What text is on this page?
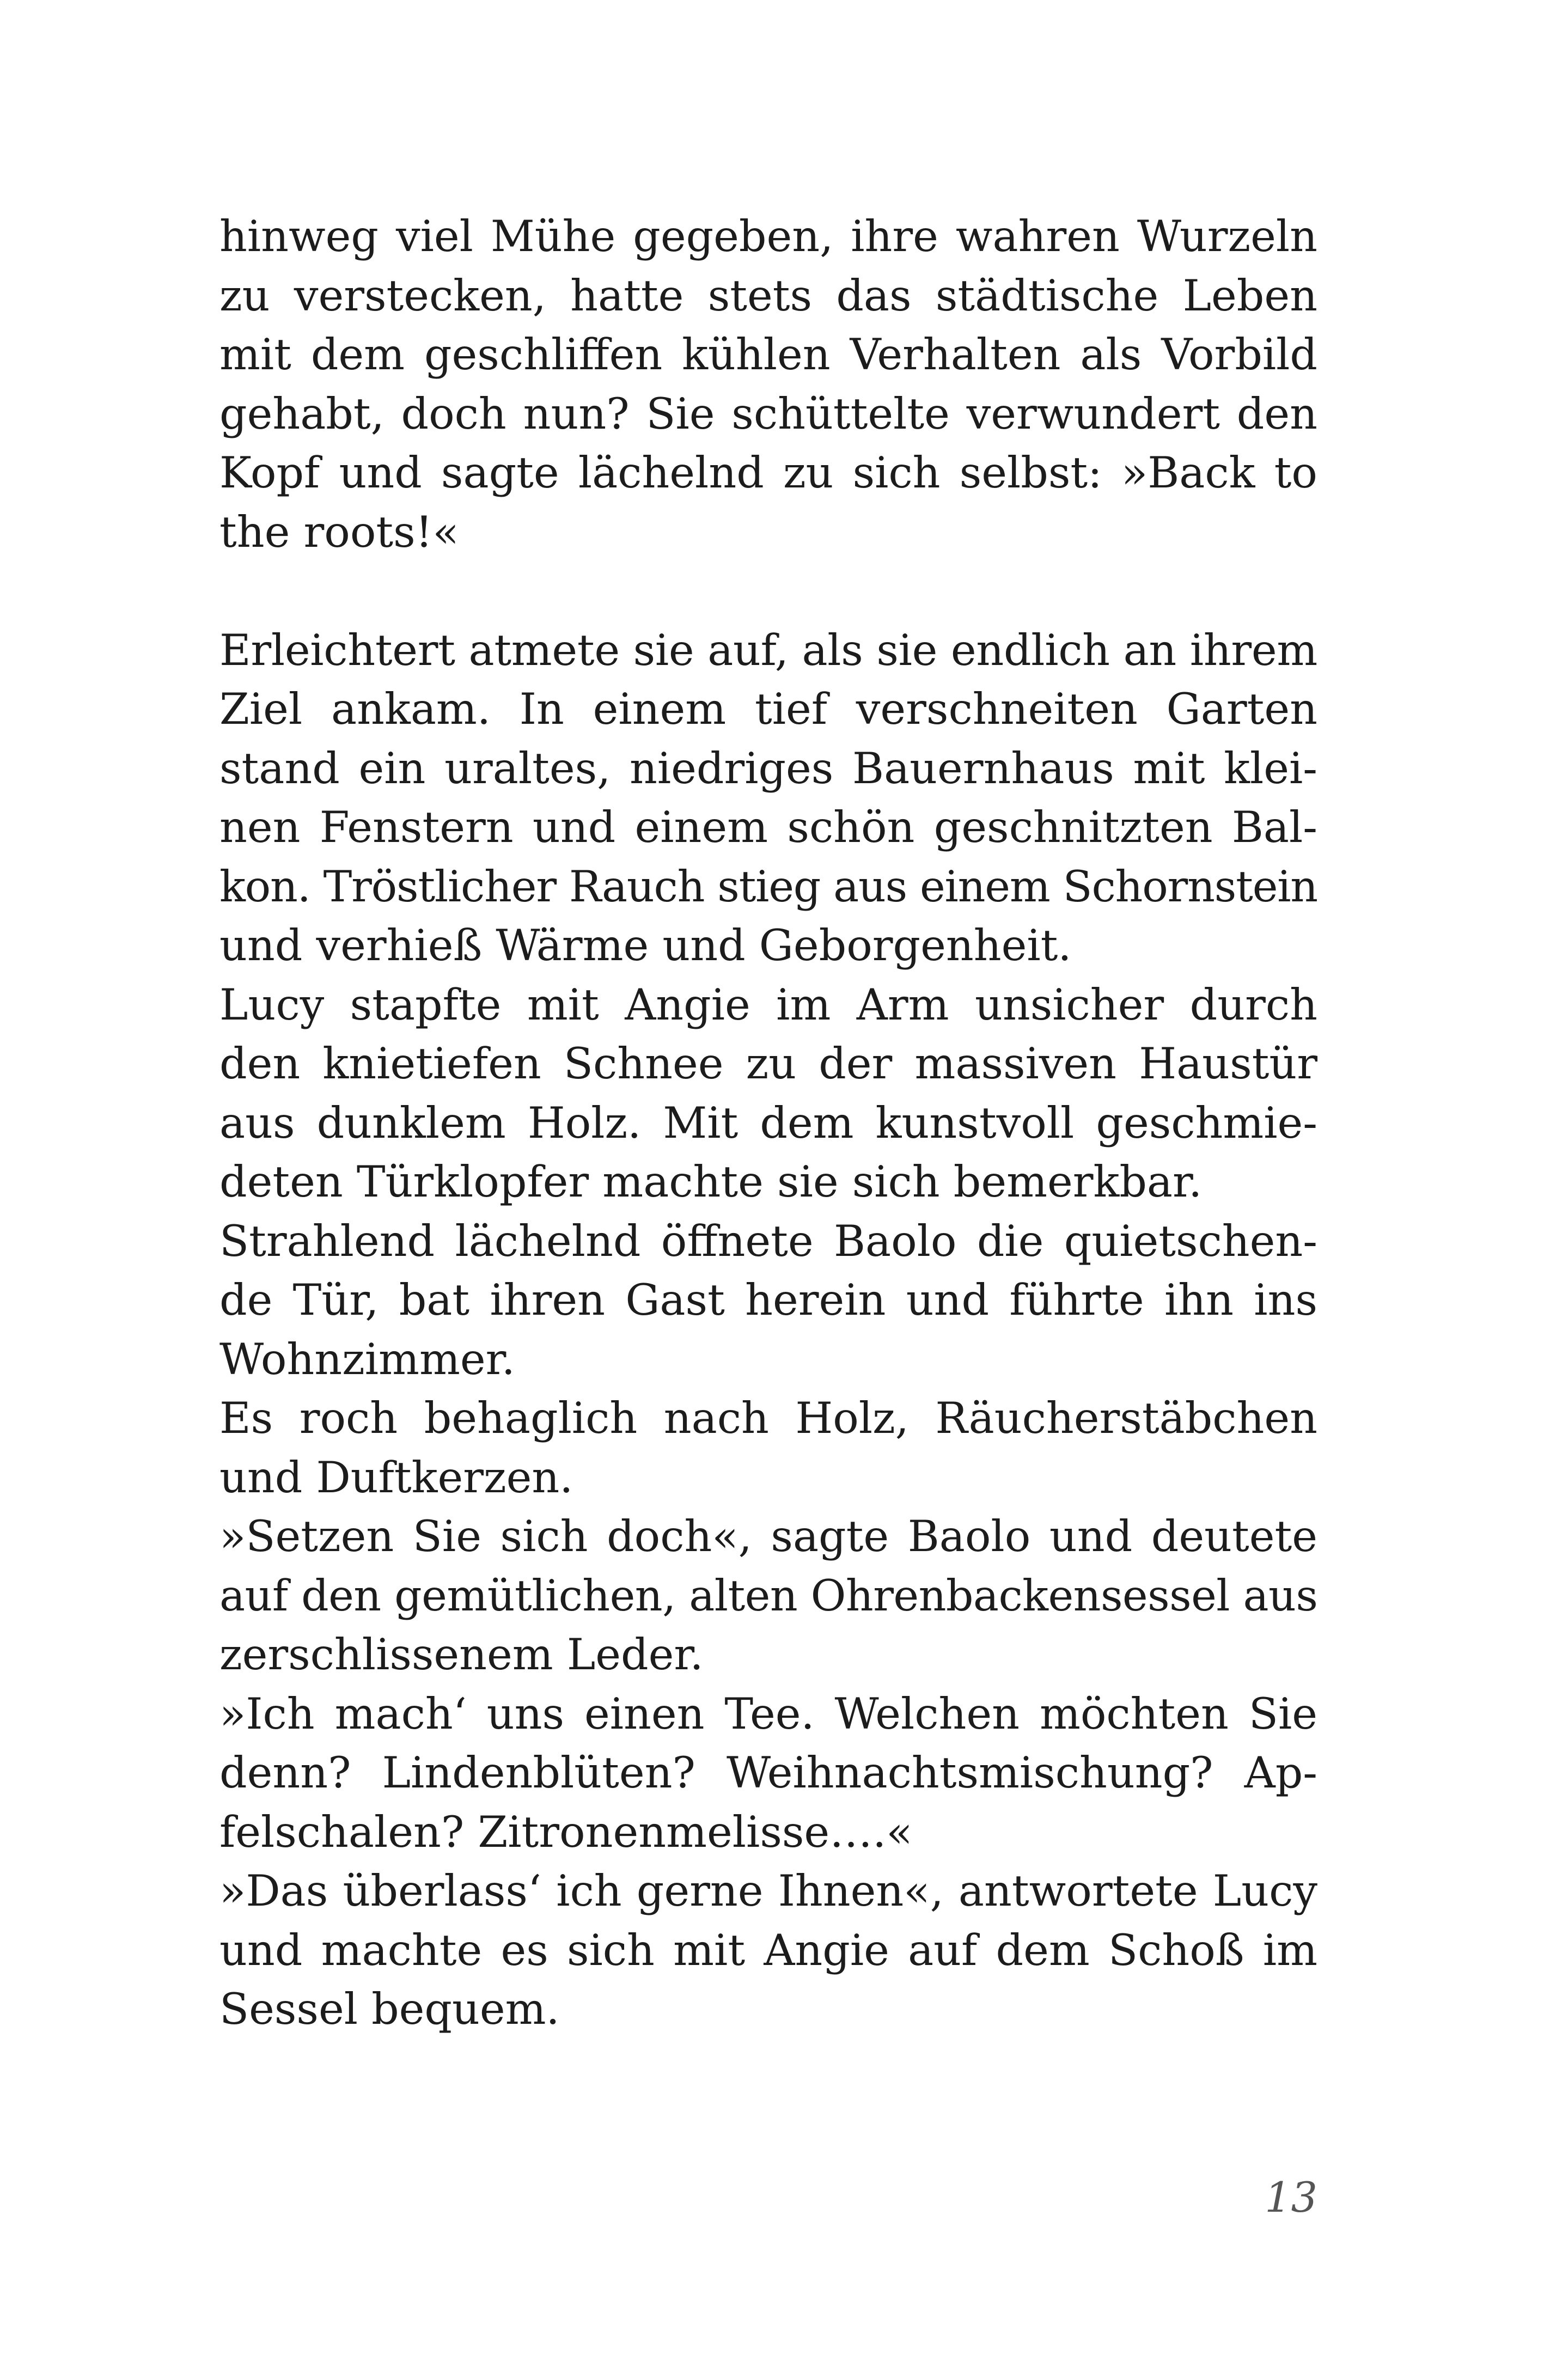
hinweg viel Mühe gegeben, ihre wahren Wurzeln
zu verstecken, hatte stets das städtische Leben
mit dem geschliffen kühlen Verhalten als Vorbild
gehabt, doch nun? Sie schüttelte verwundert den
Kopf und sagte lächelnd zu sich selbst: »Back to
the roots!«
Erleichtert atmete sie auf, als sie endlich an ihrem
Ziel ankam. In einem tief verschneiten Garten
stand ein uraltes, niedriges Bauernhaus mit klei-
nen Fenstern und einem schön geschnitzten Bal-
kon. Tröstlicher Rauch stieg aus einem Schornstein
und verhieß Wärme und Geborgenheit.
Lucy stapfte mit Angie im Arm unsicher durch
den knietiefen Schnee zu der massiven Haustür
aus dunklem Holz. Mit dem kunstvoll geschmie-
deten Türklopfer machte sie sich bemerkbar.
Strahlend lächelnd öffnete Baolo die quietschen-
de Tür, bat ihren Gast herein und führte ihn ins
Wohnzimmer.
Es roch behaglich nach Holz, Räucherstäbchen
und Duftkerzen.
»Setzen Sie sich doch«, sagte Baolo und deutete
auf den gemütlichen, alten Ohrenbackensessel aus
zerschlissenem Leder.
»Ich mach‘ uns einen Tee. Welchen möchten Sie
denn? Lindenblüten? Weihnachtsmischung? Ap-
felschalen? Zitronenmelisse….«
»Das überlass‘ ich gerne Ihnen«, antwortete Lucy
und machte es sich mit Angie auf dem Schoß im
Sessel bequem.
13
